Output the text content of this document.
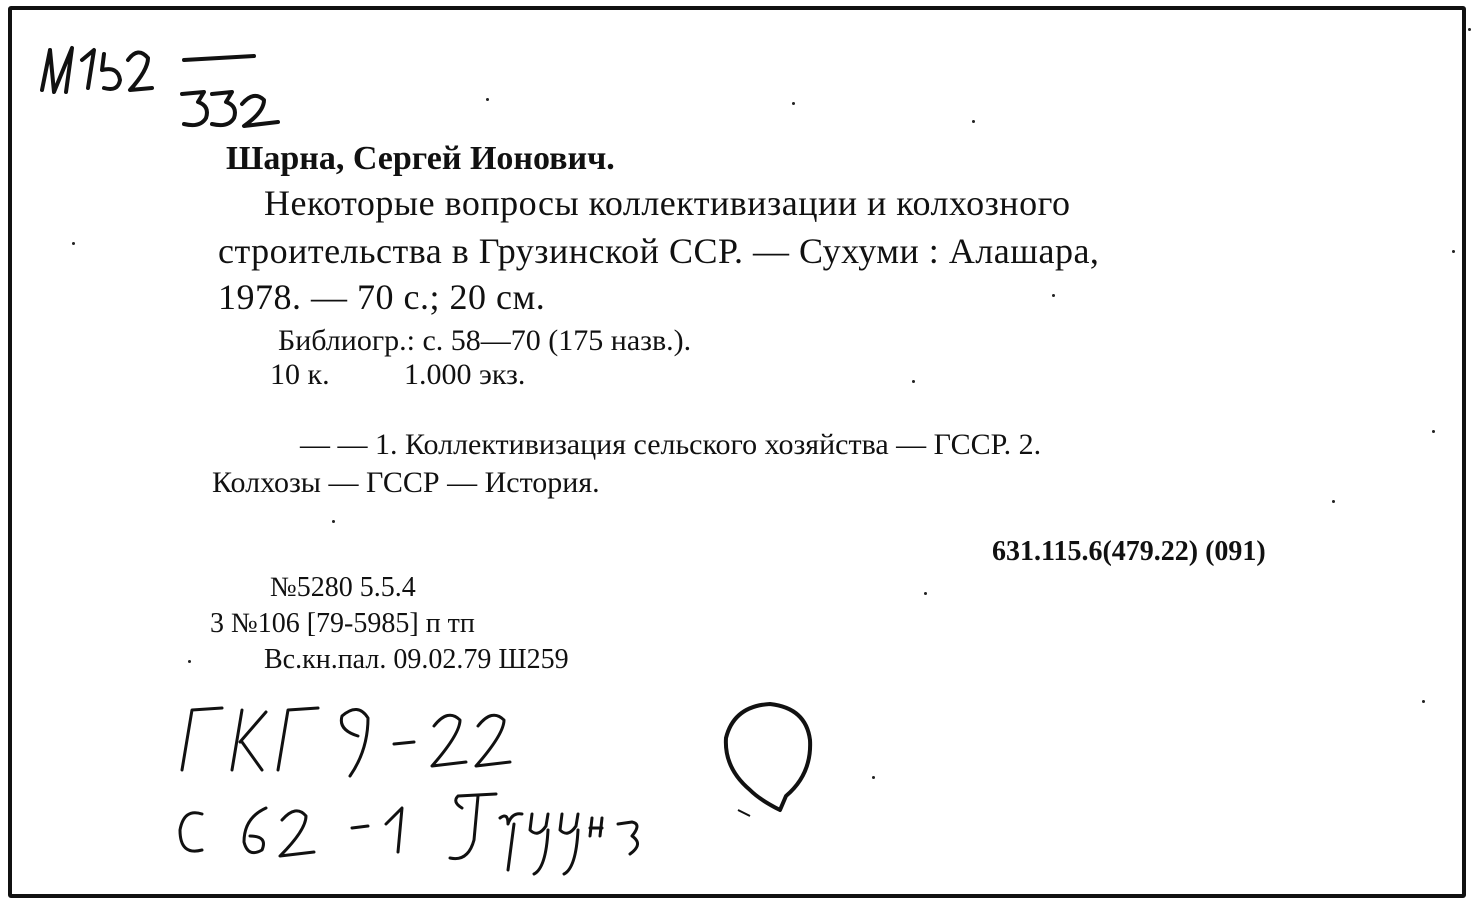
Шарна, Сергей Ионович.
Некоторые вопросы коллективизации и колхозного
строительства в Грузинской ССР. — Сухуми : Алашара,
1978. — 70 с.; 20 см.
Библиогр.: с. 58—70 (175 назв.).
10 к. 1.000 экз.
— — 1. Коллективизация сельского хозяйства — ГССР. 2.
Колхозы — ГССР — История.
631.115.6(479.22) (091)
№5280 5.5.4
3 №106 [79-5985] п тп
Вс.кн.пал. 09.02.79 Ш259
